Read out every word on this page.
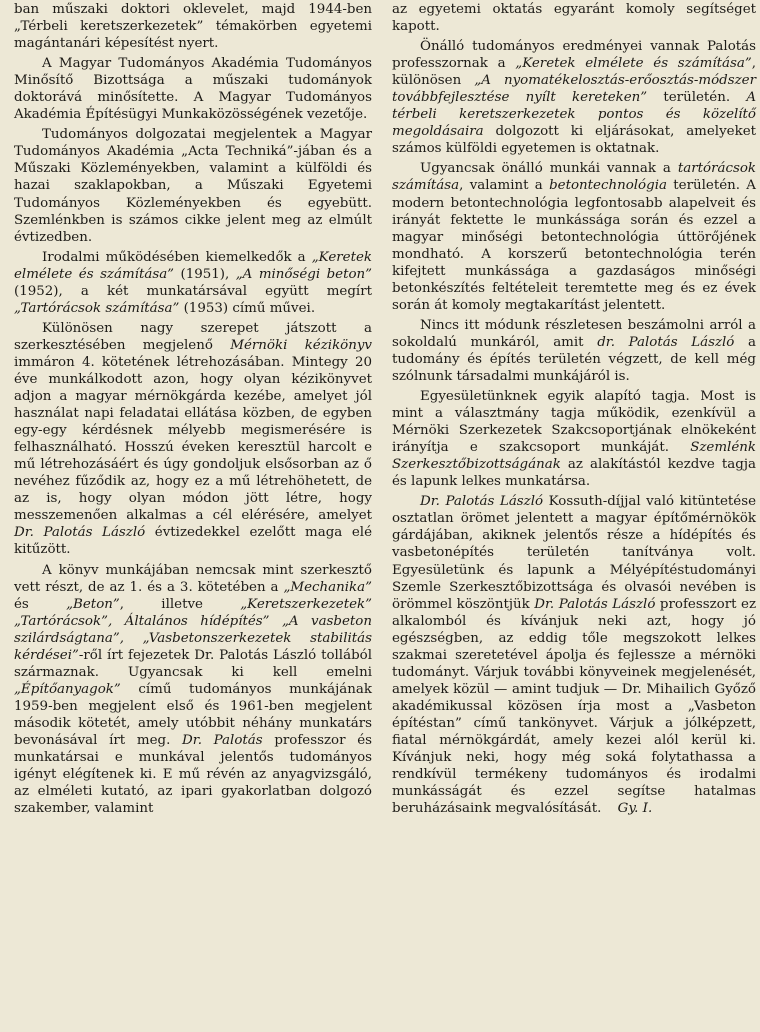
ban műszaki doktori oklevelet, majd 1944-ben „Térbeli keretszerkezetek” témakörben egyetemi magántanári képesítést nyert.

A Magyar Tudományos Akadémia Tudományos Minősítő Bizottsága a műszaki tudományok doktorává minősítette. A Magyar Tudományos Akadémia Építésügyi Munkaközösségének vezetője.

Tudományos dolgozatai megjelentek a Magyar Tudományos Akadémia „Acta Techniká”-jában és a Műszaki Közleményekben, valamint a külföldi és hazai szaklapokban, a Műszaki Egyetemi Tudományos Közleményekben és egyebütt. Szemlénkben is számos cikke jelent meg az elmúlt évtizedben.

Irodalmi működésében kiemelkedők a „Keretek elmélete és számítása” (1951), „A minőségi beton” (1952), a két munkatársával együtt megírt „Tartórácsok számítása” (1953) című művei.

Különösen nagy szerepet játszott a szerkesztésében megjelenő Mérnöki kézikönyv immáron 4. kötetének létrehozásában. Mintegy 20 éve munkálkodott azon, hogy olyan kézikönyvet adjon a magyar mérnökgárda kezébe, amelyet jól használat napi feladatai ellátása közben, de egyben egy-egy kérdésnek mélyebb megismerésére is felhasználható. Hosszú éveken keresztül harcolt e mű létrehozásáért és úgy gondoljuk elsősorban az ő nevéhez fűződik az, hogy ez a mű létrehöhetett, de az is, hogy olyan módon jött létre, hogy messzemenően alkalmas a cél elérésére, amelyet Dr. Palotás László évtizedekkel ezelőtt maga elé kitűzött.

A könyv munkájában nemcsak mint szerkesztő vett részt, de az 1. és a 3. kötetében a „Mechanika” és „Beton”, illetve „Keretszerkezetek” „Tartórácsok”, Általános hídépítés” „A vasbeton szilárdságtana”, „Vasbetonszerkezetek stabilitás kérdései”-ről írt fejezetek Dr. Palotás László tollából származnak. Ugyancsak ki kell emelni „Építőanyagok” című tudományos munkájának 1959-ben megjelent első és 1961-ben megjelent második kötetét, amely utóbbit néhány munkatárs bevonásával írt meg. Dr. Palotás professzor és munkatársai e munkával jelentős tudományos igényt elégítenek ki. E mű révén az anyagvizsgáló, az elméleti kutató, az ipari gyakorlatban dolgozó szakember, valamint

az egyetemi oktatás egyaránt komoly segítséget kapott.

Önálló tudományos eredményei vannak Palotás professzornak a „Keretek elmélete és számítása”, különösen „A nyomatékelosztás-erőosztás-módszer továbbfejlesztése nyílt kereteken” területén. A térbeli keretszerkezetek pontos és közelítő megoldásaira dolgozott ki eljárásokat, amelyeket számos külföldi egyetemen is oktatnak.

Ugyancsak önálló munkái vannak a tartórácsok számítása, valamint a betontechnológia területén. A modern betontechnológia legfontosabb alapelveit és irányát fektette le munkássága során és ezzel a magyar minőségi betontechnológia úttörőjének mondható. A korszerű betontechnológia terén kifejtett munkássága a gazdaságos minőségi betonkészítés feltételeit teremtette meg és ez évek során át komoly megtakarítást jelentett.

Nincs itt módunk részletesen beszámolni arról a sokoldalú munkáról, amit dr. Palotás László a tudomány és építés területén végzett, de kell még szólnunk társadalmi munkájáról is.

Egyesületünknek egyik alapító tagja. Most is mint a választmány tagja működik, ezenkívül a Mérnöki Szerkezetek Szakcsoportjának elnökeként irányítja e szakcsoport munkáját. Szemlénk Szerkesztőbizottságának az alakítástól kezdve tagja és lapunk lelkes munkatársa.

Dr. Palotás László Kossuth-díjjal való kitüntetése osztatlan örömet jelentett a magyar építőmérnökök gárdájában, akiknek jelentős része a hídépítés és vasbetonépítés területén tanítványa volt. Egyesületünk és lapunk a Mélyépítéstudományi Szemle Szerkesztőbizottsága és olvasói nevében is örömmel köszöntjük Dr. Palotás László professzort ez alkalomból és kívánjuk neki azt, hogy jó egészségben, az eddig tőle megszokott lelkes szakmai szeretetével ápolja és fejlessze a mérnöki tudományt. Várjuk további könyveinek megjelenését, amelyek közül — amint tudjuk — Dr. Mihailich Győző akadémikussal közösen írja most a „Vasbeton építéstan” című tankönyvet. Várjuk a jólképzett, fiatal mérnökgárdát, amely kezei alól kerül ki. Kívánjuk neki, hogy még soká folytathassa a rendkívül termékeny tudományos és irodalmi munkásságát és ezzel segítse hatalmas beruházásaink megvalósítását. Gy. I.
